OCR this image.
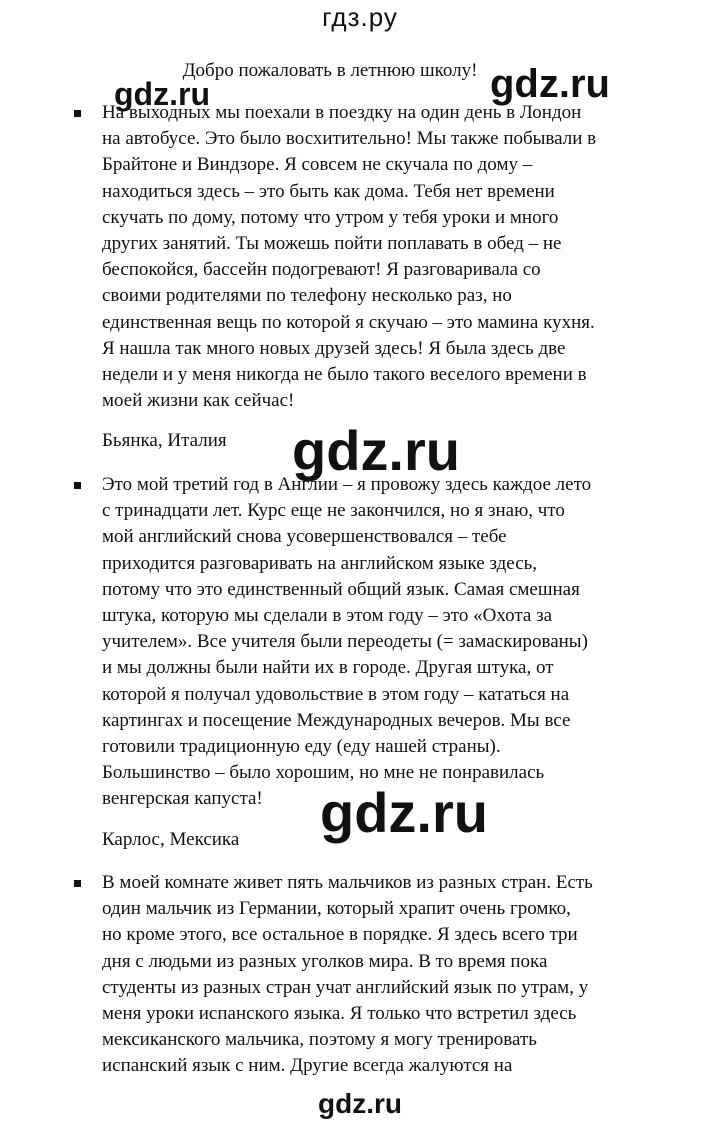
гдз.ру
Добро пожаловать в летнюю школу!
gdz.ru	gdz.ru
gdz.ru
gdz.ru
На выходных мы поехали в поездку на один день в Лондон
на автобусе. Это было восхитительно! Мы также побывали в
Брайтоне и Виндзоре. Я совсем не скучала по дому –
находиться здесь – это быть как дома. Тебя нет времени
скучать по дому, потому что утром у тебя уроки и много
других занятий. Ты можешь пойти поплавать в обед – не
беспокойся, бассейн подогревают! Я разговаривала со
своими родителями по телефону несколько раз, но
единственная вещь по которой я скучаю – это мамина кухня.
Я нашла так много новых друзей здесь! Я была здесь две
недели и у меня никогда не было такого веселого времени в
моей жизни как сейчас!
Бьянка, Италия
Это мой третий год в Англии – я провожу здесь каждое лето
с тринадцати лет. Курс еще не закончился, но я знаю, что
мой английский снова усовершенствовался – тебе
приходится разговаривать на английском языке здесь,
потому что это единственный общий язык. Самая смешная
штука, которую мы сделали в этом году – это «Охота за
учителем». Все учителя были переодеты (= замаскированы)
и мы должны были найти их в городе. Другая штука, от
которой я получал удовольствие в этом году – кататься на
картингах и посещение Международных вечеров. Мы все
готовили традиционную еду (еду нашей страны).
Большинство – было хорошим, но мне не понравилась
венгерская капуста!
Карлос, Мексика
В моей комнате живет пять мальчиков из разных стран. Есть
один мальчик из Германии, который храпит очень громко,
но кроме этого, все остальное в порядке. Я здесь всего три
дня с людьми из разных уголков мира. В то время пока
студенты из разных стран учат английский язык по утрам, у
меня уроки испанского языка. Я только что встретил здесь
мексиканского мальчика, поэтому я могу тренировать
испанский язык с ним. Другие всегда жалуются на
gdz.ru
